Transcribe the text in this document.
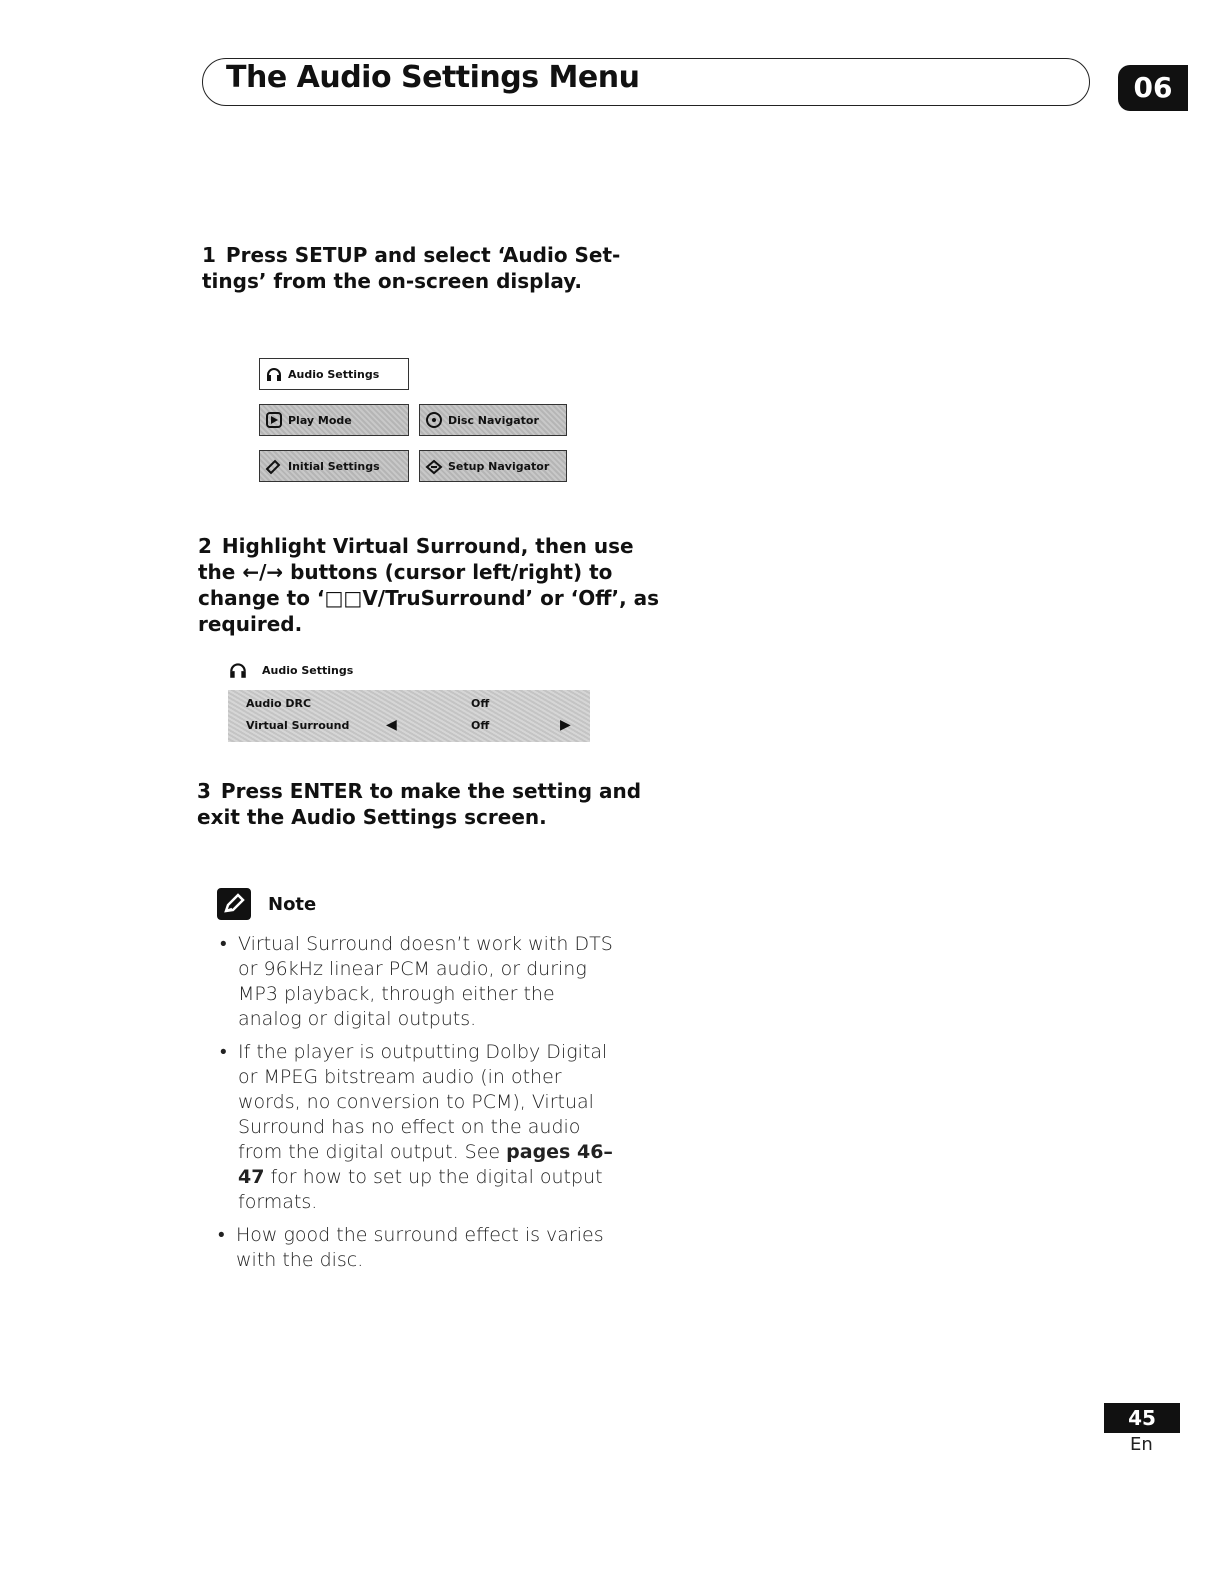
The Audio Settings Menu	06
1 Press SETUP and select ‘Audio Set-
tings’ from the on-screen display.
Audio Settings
Play Mode	Disc Navigator
Initial Settings	Setup Navigator
2 Highlight Virtual Surround, then use
the ←/→ buttons (cursor left/right) to
change to ‘□□V/TruSurround’ or ‘Off’, as
required.
Audio Settings
Audio DRC	Off
Virtual Surround	◀	Off	▶
3 Press ENTER to make the setting and
exit the Audio Settings screen.
Note
• Virtual Surround doesn’t work with DTS
or 96kHz linear PCM audio, or during
MP3 playback, through either the
analog or digital outputs.
• If the player is outputting Dolby Digital
or MPEG bitstream audio (in other
words, no conversion to PCM), Virtual
Surround has no effect on the audio
from the digital output. See pages 46–
47 for how to set up the digital output
formats.
• How good the surround effect is varies
with the disc.
45
En
